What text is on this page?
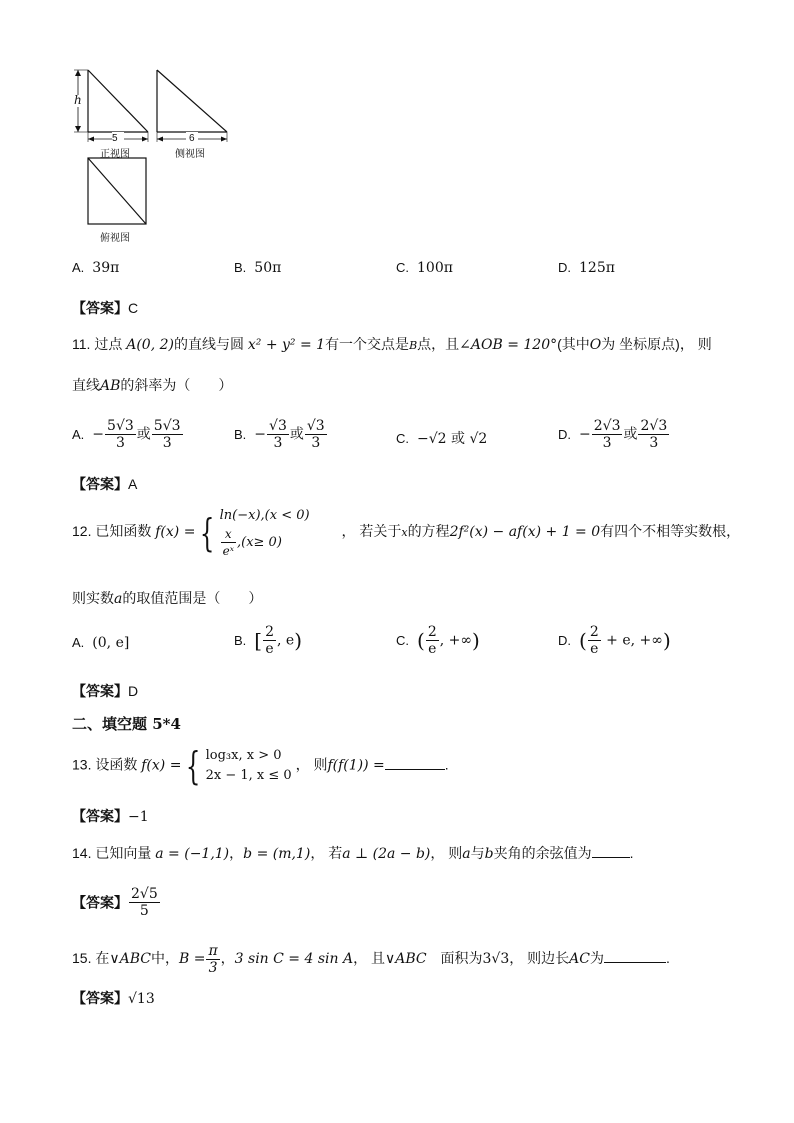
h
5	6
正视图	侧视图
俯视图
A. 39π	B. 50π	C. 100π	D. 125π
【答案】C
11. 过点 A(0, 2)的直线与圆 x² + y² = 1有一个交点是B点，且∠AOB = 120°(其中O为 坐标原点)， 则
直线AB的斜率为（　　）
A. − $\frac{5√3}{3}$ 或 $\frac{5√3}{3}$	B. − $\frac{√3}{3}$ 或 $\frac{√3}{3}$	C. −√2 或 √2	D. − $\frac{2√3}{3}$ 或 $\frac{2√3}{3}$
【答案】A
12. 已知函数 f(x) = { ln(−x),(x < 0)
$\frac{x}{\text{eˣ}} ,(x\ge 0)$
， 若关于x的方程2f²(x) − af(x) + 1 = 0有四个不相等实数根，
则实数a的取值范围是（　　）
A. (0, e]	B. [ $\frac{2}{e}$ , e)	C. ( $\frac{2}{e}$ , +∞)	D. ( $\frac{2}{e} + e$, +∞)
【答案】D
二、填空题 5*4
13. 设函数 f(x) = { log₃x, x > 0
2x − 1, x ≤ 0
， 则f(f(1)) =	.
【答案】−1
14. 已知向量 a = (−1,1)，b = (m,1)， 若a ⊥ (2a − b)， 则a与b夹角的余弦值为	.
【答案】 $\frac{2√5}{5}$
15. 在∨ABC中，$B = \frac{\pi}{3}$ ，3 sin C = 4 sin A， 且∨ABC 面积为3√3， 则边长AC为	.
【答案】√13
